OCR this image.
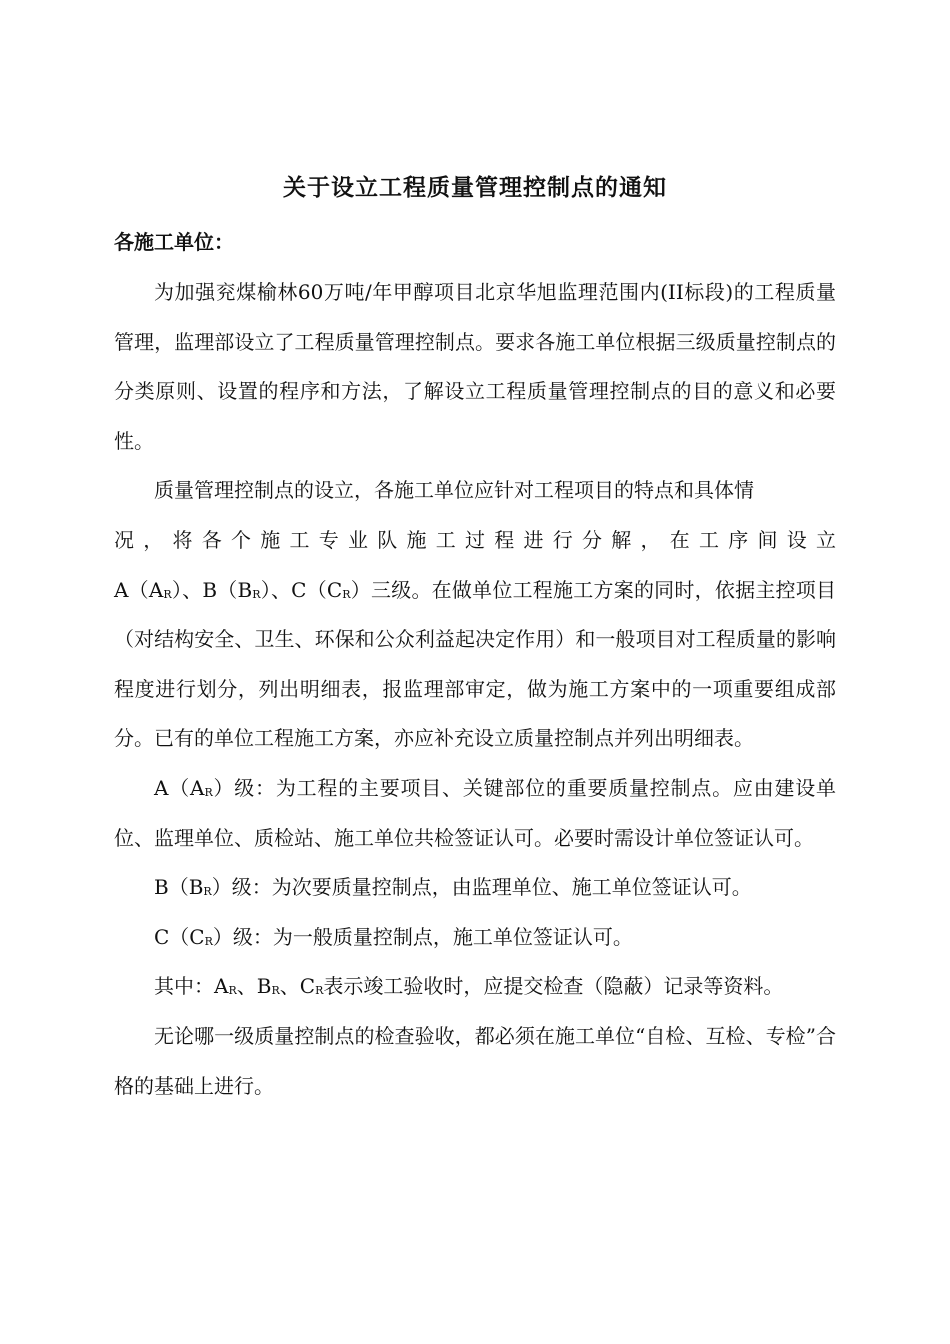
关于设立工程质量管理控制点的通知
各施工单位：

为加强兖煤榆林60万吨/年甲醇项目北京华旭监理范围内(II标段)的工程质量管理，监理部设立了工程质量管理控制点。要求各施工单位根据三级质量控制点的分类原则、设置的程序和方法，了解设立工程质量管理控制点的目的意义和必要性。

质量管理控制点的设立，各施工单位应针对工程项目的特点和具体情
况，将各个施工专业队施工过程进行分解，在工序间设立
A（AR）、B（BR）、C（CR）三级。在做单位工程施工方案的同时，依据主控项目（对结构安全、卫生、环保和公众利益起决定作用）和一般项目对工程质量的影响程度进行划分，列出明细表，报监理部审定，做为施工方案中的一项重要组成部分。已有的单位工程施工方案，亦应补充设立质量控制点并列出明细表。

A（AR）级：为工程的主要项目、关键部位的重要质量控制点。应由建设单位、监理单位、质检站、施工单位共检签证认可。必要时需设计单位签证认可。

B（BR）级：为次要质量控制点，由监理单位、施工单位签证认可。

C（CR）级：为一般质量控制点，施工单位签证认可。

其中：AR、BR、CR表示竣工验收时，应提交检查（隐蔽）记录等资料。

无论哪一级质量控制点的检查验收，都必须在施工单位“自检、互检、专检”合格的基础上进行。
